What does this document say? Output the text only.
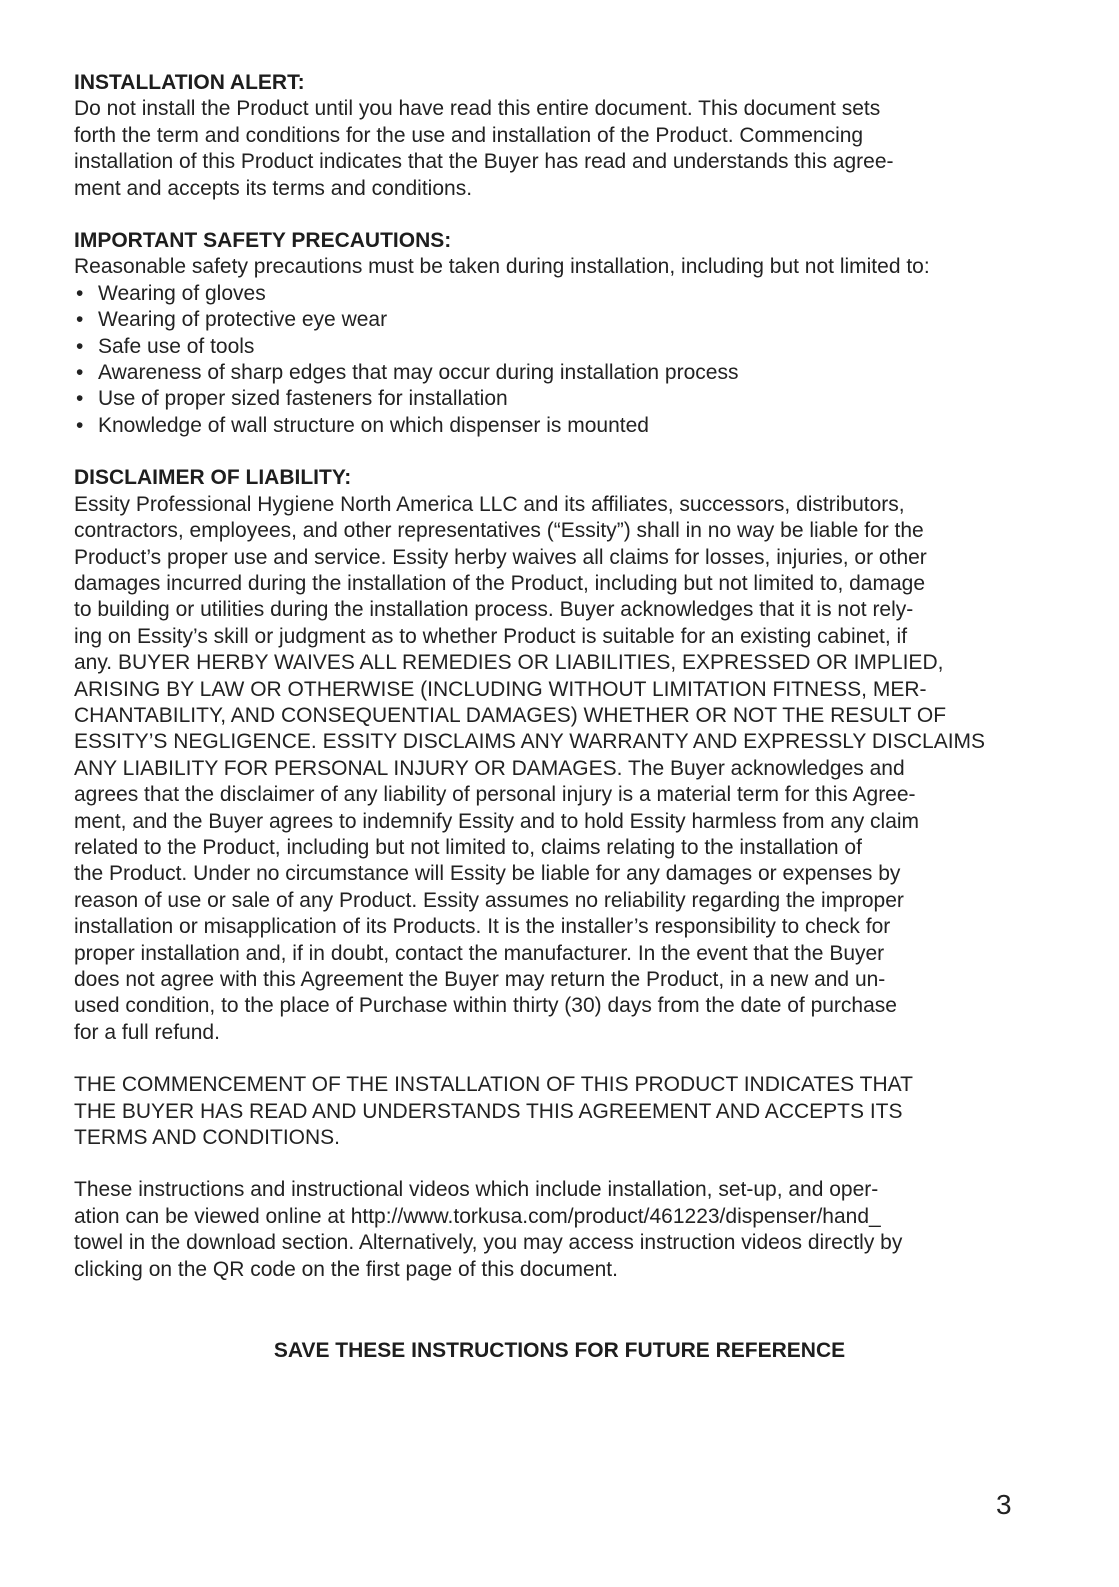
INSTALLATION ALERT:

Do not install the Product until you have read this entire document. This document sets
forth the term and conditions for the use and installation of the Product. Commencing
installation of this Product indicates that the Buyer has read and understands this agree-
ment and accepts its terms and conditions.

IMPORTANT SAFETY PRECAUTIONS:

Reasonable safety precautions must be taken during installation, including but not limited to:

• Wearing of gloves
• Wearing of protective eye wear
• Safe use of tools
• Awareness of sharp edges that may occur during installation process
• Use of proper sized fasteners for installation
• Knowledge of wall structure on which dispenser is mounted

DISCLAIMER OF LIABILITY:

Essity Professional Hygiene North America LLC and its affiliates, successors, distributors,
contractors, employees, and other representatives (“Essity”) shall in no way be liable for the
Product’s proper use and service. Essity herby waives all claims for losses, injuries, or other
damages incurred during the installation of the Product, including but not limited to, damage
to building or utilities during the installation process. Buyer acknowledges that it is not rely-
ing on Essity’s skill or judgment as to whether Product is suitable for an existing cabinet, if
any. BUYER HERBY WAIVES ALL REMEDIES OR LIABILITIES, EXPRESSED OR IMPLIED,
ARISING BY LAW OR OTHERWISE (INCLUDING WITHOUT LIMITATION FITNESS, MER-
CHANTABILITY, AND CONSEQUENTIAL DAMAGES) WHETHER OR NOT THE RESULT OF
ESSITY’S NEGLIGENCE. ESSITY DISCLAIMS ANY WARRANTY AND EXPRESSLY DISCLAIMS
ANY LIABILITY FOR PERSONAL INJURY OR DAMAGES. The Buyer acknowledges and
agrees that the disclaimer of any liability of personal injury is a material term for this Agree-
ment, and the Buyer agrees to indemnify Essity and to hold Essity harmless from any claim
related to the Product, including but not limited to, claims relating to the installation of
the Product. Under no circumstance will Essity be liable for any damages or expenses by
reason of use or sale of any Product. Essity assumes no reliability regarding the improper
installation or misapplication of its Products. It is the installer’s responsibility to check for
proper installation and, if in doubt, contact the manufacturer. In the event that the Buyer
does not agree with this Agreement the Buyer may return the Product, in a new and un-
used condition, to the place of Purchase within thirty (30) days from the date of purchase
for a full refund.

THE COMMENCEMENT OF THE INSTALLATION OF THIS PRODUCT INDICATES THAT
THE BUYER HAS READ AND UNDERSTANDS THIS AGREEMENT AND ACCEPTS ITS
TERMS AND CONDITIONS.

These instructions and instructional videos which include installation, set-up, and oper-
ation can be viewed online at http://www.torkusa.com/product/461223/dispenser/hand_
towel in the download section. Alternatively, you may access instruction videos directly by
clicking on the QR code on the first page of this document.

SAVE THESE INSTRUCTIONS FOR FUTURE REFERENCE
3
